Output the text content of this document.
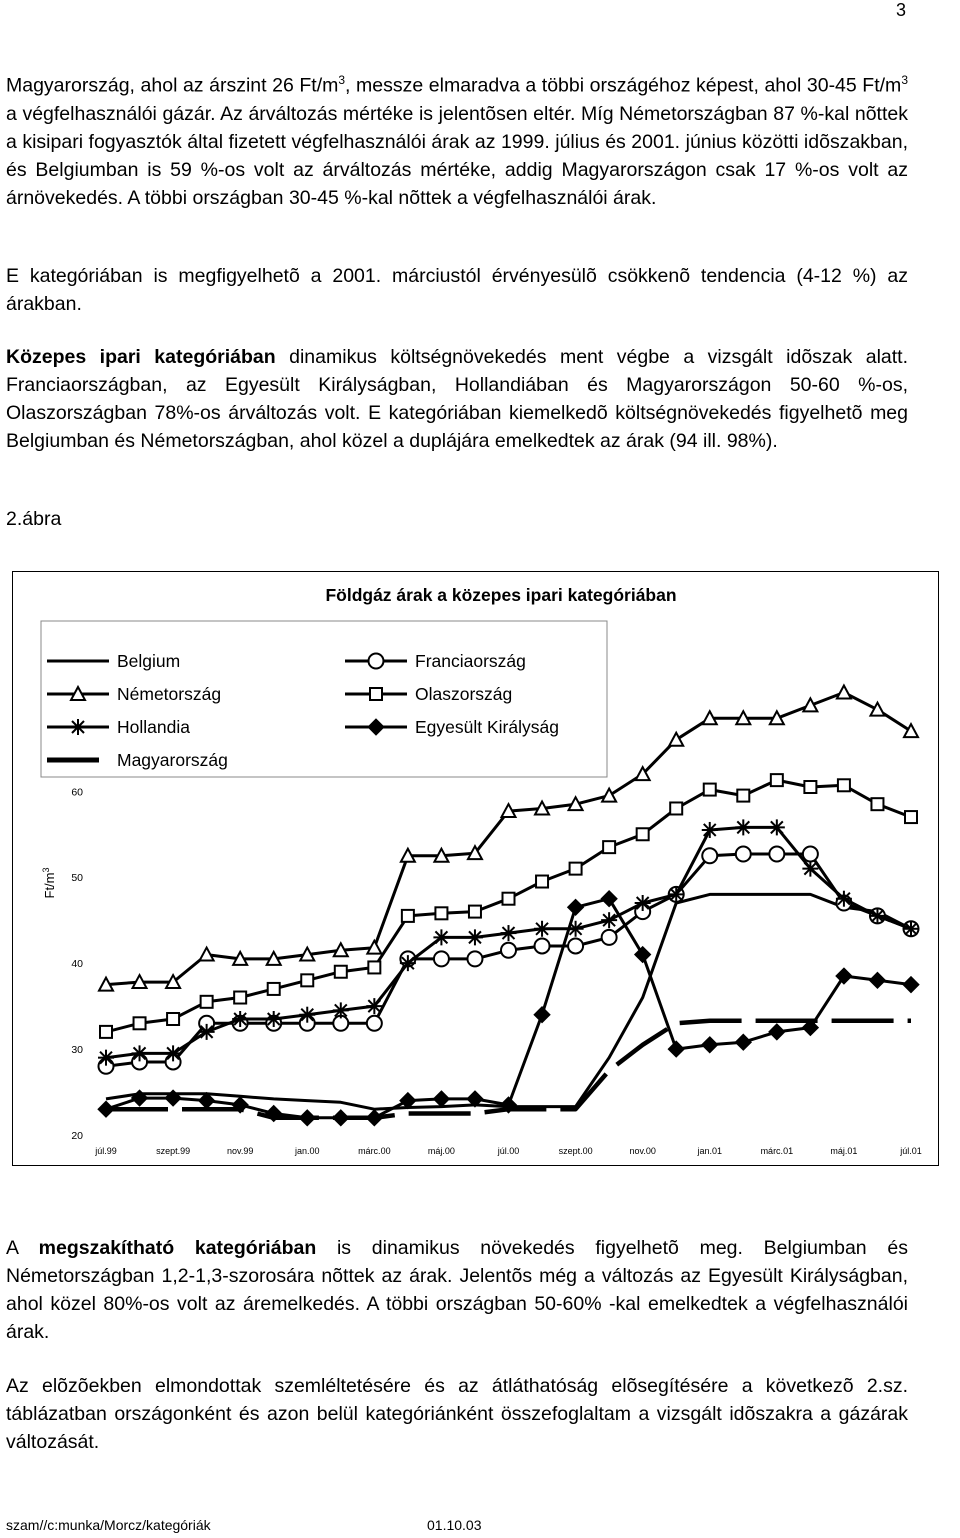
3

Magyarország, ahol az árszint 26 $Ft/m^3$, messze elmaradva a többi országéhoz képest, ahol 30-45 $Ft/m^3$ a végfelhasználói gázár. Az árváltozás mértéke is jelentõsen eltér. Míg Németországban 87 %-kal nõttek a kisipari fogyasztók által fizetett végfelhasználói árak az 1999. július és 2001. június közötti idõszakban, és Belgiumban is 59 %-os volt az árváltozás mértéke, addig Magyarországon csak 17 %-os volt az árnövekedés. A többi országban 30-45 %-kal nõttek a végfelhasználói árak.

E kategóriában is megfigyelhetõ a 2001. márciustól érvényesülõ csökkenõ tendencia (4-12 %) az árakban.

Közepes ipari kategóriában dinamikus költségnövekedés ment végbe a vizsgált idõszak alatt. Franciaországban, az Egyesült Királyságban, Hollandiában és Magyarországon 50-60 %-os, Olaszországban 78%-os árváltozás volt. E kategóriában kiemelkedõ költségnövekedés figyelhetõ meg Belgiumban és Németországban, ahol közel a duplájára emelkedtek az árak (94 ill. 98%).

2.ábra
Földgáz árak a közepes ipari kategóriában
$Ft/m^3$
20
30
40
50
60
júl.99	szept.99	nov.99	jan.00	márc.00	máj.00	júl.00	szept.00	nov.00	jan.01	márc.01	máj.01	júl.01
Belgium	Franciaország
Németország	Olaszország
Hollandia	Egyesült Királyság
Magyarország

A megszakítható kategóriában is dinamikus növekedés figyelhetõ meg. Belgiumban és Németországban 1,2-1,3-szorosára nõttek az árak. Jelentõs még a változás az Egyesült Királyságban, ahol közel 80%-os volt az áremelkedés. A többi országban 50-60% -kal emelkedtek a végfelhasználói árak.

Az elõzõekben elmondottak szemléltetésére és az átláthatóság elõsegítésére a következõ 2.sz. táblázatban országonként és azon belül kategóriánként összefoglaltam a vizsgált idõszakra a gázárak változását.

szam//c:munka/Morcz/kategóriák	01.10.03
